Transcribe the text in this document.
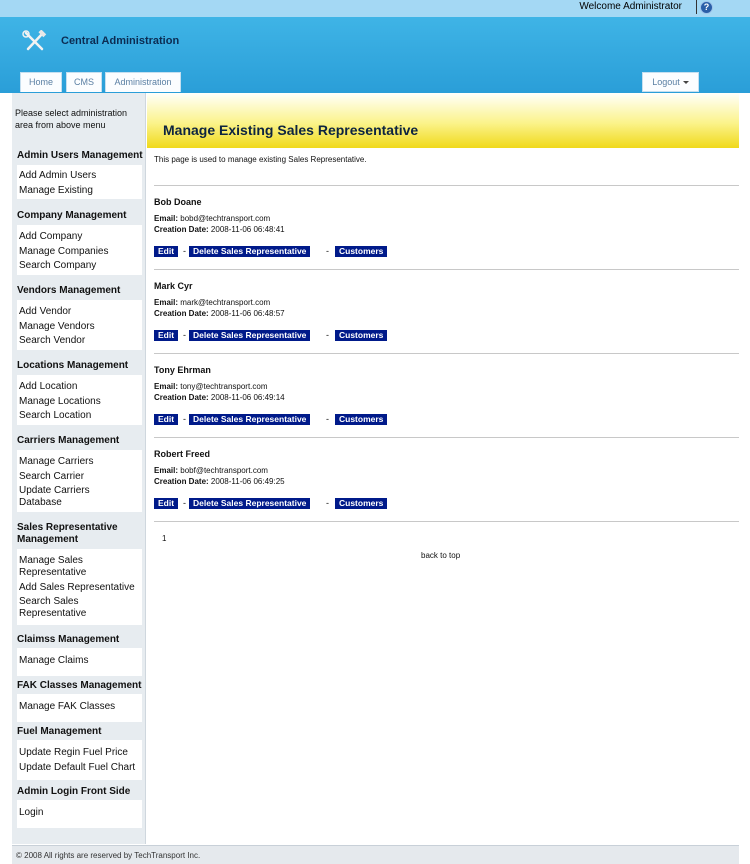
Welcome Administrator	?
Central Administration
Home	CMS	Administration	Logout
Please select administration area from above menu
Admin Users Management
Add Admin Users
Manage Existing
Company Management
Add Company
Manage Companies
Search Company
Vendors Management
Add Vendor
Manage Vendors
Search Vendor
Locations Management
Add Location
Manage Locations
Search Location
Carriers Management
Manage Carriers
Search Carrier
Update Carriers Database
Sales Representative Management
Manage Sales Representative
Add Sales Representative
Search Sales Representative
Claimss Management
Manage Claims
FAK Classes Management
Manage FAK Classes
Fuel Management
Update Regin Fuel Price
Update Default Fuel Chart
Admin Login Front Side
Login
Manage Existing Sales Representative
This page is used to manage existing Sales Representative.
Bob Doane
Email: bobd@techtransport.com
Creation Date: 2008-11-06 06:48:41
Edit - Delete Sales Representative	-	Customers
Mark Cyr
Email: mark@techtransport.com
Creation Date: 2008-11-06 06:48:57
Edit - Delete Sales Representative	-	Customers
Tony Ehrman
Email: tony@techtransport.com
Creation Date: 2008-11-06 06:49:14
Edit - Delete Sales Representative	-	Customers
Robert Freed
Email: bobf@techtransport.com
Creation Date: 2008-11-06 06:49:25
Edit - Delete Sales Representative	-	Customers
1
back to top
© 2008 All rights are reserved by TechTransport Inc.
